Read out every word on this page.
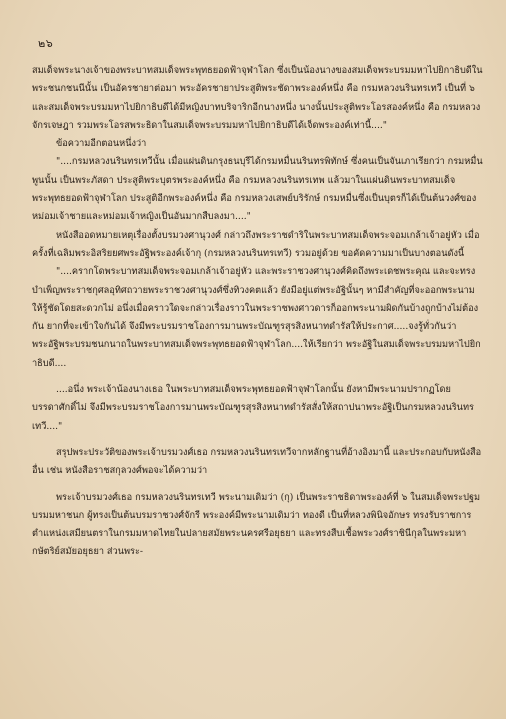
๒๖

สมเด็จพระนางเจ้าของพระบาทสมเด็จพระพุทธยอดฟ้าจุฬาโลก ซึ่งเป็นน้องนางของสมเด็จพระบรมมหาไปยิกาธิบดีในพระชนกชนนีนั้น เป็นอัครชายาต่อมา พระอัครชายาประสูติพระชัดาพระองค์หนึ่ง คือ กรมหลวงนรินทรเทวี เป็นที่ ๖ และสมเด็จพระบรมมหาไปยิกาธิบดีได้มีหญิงบาทบริจาริกอีกนางหนึ่ง นางนั้นประสูติพระโอรสองค์หนึ่ง คือ กรมหลวงจักรเจษฎา รวมพระโอรสพระธิดาในสมเด็จพระบรมมหาไปยิกาธิบดีได้เจ็ดพระองค์เท่านี้...."

ข้อความอีกตอนหนึ่งว่า

"....กรมหลวงนรินทรเทวีนั้น เมื่อแผ่นดินกรุงธนบุรีได้กรมหมื่นนรินทรพิทักษ์ ซึ่งคนเป็นจันเภาเรียกว่า กรมหมื่นพูนนั้น เป็นพระภัสดา ประสูติพระบุตรพระองค์หนึ่ง คือ กรมหลวงนรินทรเทพ แล้วมาในแผ่นดินพระบาทสมเด็จพระพุทธยอดฟ้าจุฬาโลก ประสูติอีกพระองค์หนึ่ง คือ กรมหลวงเสพย์บริรักษ์ กรมหมื่นซึ่งเป็นบุตรก็ได้เป็นต้นวงศ์ของหม่อมเจ้าชายและหม่อมเจ้าหญิงเป็นอันมากสืบลงมา...."

หนังสืออดหมายเหตุเรื่องตั้งบรมวงศานุวงศ์ กล่าวถึงพระราชดำริในพระบาทสมเด็จพระจอมเกล้าเจ้าอยู่หัว เมื่อครั้งที่เฉลิมพระอิสริยยศพระอัฐิพระองค์เจ้ากุ (กรมหลวงนรินทรเทวี) รวมอยู่ด้วย ขอคัดความมาเป็นบางตอนดังนี้

"....ครากโดพระบาทสมเด็จพระจอมเกล้าเจ้าอยู่หัว และพระราชวงศานุวงศ์คิดถึงพระเดชพระคุณ และจะทรงบำเพ็ญพระราชกุศลอุทิศถวายพระราชวงศานุวงศ์ซึ่งทิวงคตแล้ว ยังมีอยู่แต่พระอัฐินั้นๆ หามีสำคัญที่จะออกพระนามให้รู้ชัดโดยสะดวกไม่ อนึ่งเมื่อคราวใดจะกล่าวเรื่องราวในพระราชพงศาวดารก็ออกพระนามผิดกันบ้างถูกบ้างไม่ต้องกัน ยากที่จะเข้าใจกันได้ จึงมีพระบรมราชโองการมานพระบัณฑูรสุรสิงหนาทดำรัสให้ประกาศ.....จงรู้ทั่วกันว่า พระอัฐิพระบรมชนกนาถในพระบาทสมเด็จพระพุทธยอดฟ้าจุฬาโลก....ให้เรียกว่า พระอัฐิในสมเด็จพระบรมมหาไปยิกาธิบดี....

....อนึ่ง พระเจ้าน้องนางเธอ ในพระบาทสมเด็จพระพุทธยอดฟ้าจุฬาโลกนั้น ยังหามีพระนามปรากฏโดยบรรดาศักดิ์ไม่ จึงมีพระบรมราชโองการมานพระบัณฑูรสุรสิงหนาทดำรัสสั่งให้สถาปนาพระอัฐิเป็นกรมหลวงนรินทรเทวี...."

สรุปพระประวัติของพระเจ้าบรมวงศ์เธอ กรมหลวงนรินทรเทวีจากหลักฐานที่อ้างอิงมานี้ และประกอบกับหนังสืออื่น เช่น หนังสือราชสกุลวงศ์พอจะได้ความว่า

พระเจ้าบรมวงศ์เธอ กรมหลวงนรินทรเทวี พระนามเดิมว่า (กุ) เป็นพระราชธิดาพระองค์ที่ ๖ ในสมเด็จพระปฐมบรมมหาชนก ผู้ทรงเป็นต้นบรมราชวงศ์จักรี พระองค์มีพระนามเดิมว่า ทองดี เป็นที่หลวงพินิจอักษร ทรงรับราชการตำแหน่งเสมียนตราในกรมมหาดไทยในปลายสมัยพระนครศรีอยุธยา และทรงสืบเชื้อพระวงศ์ราชินีกุลในพระมหากษัตริย์สมัยอยุธยา ส่วนพระ-
